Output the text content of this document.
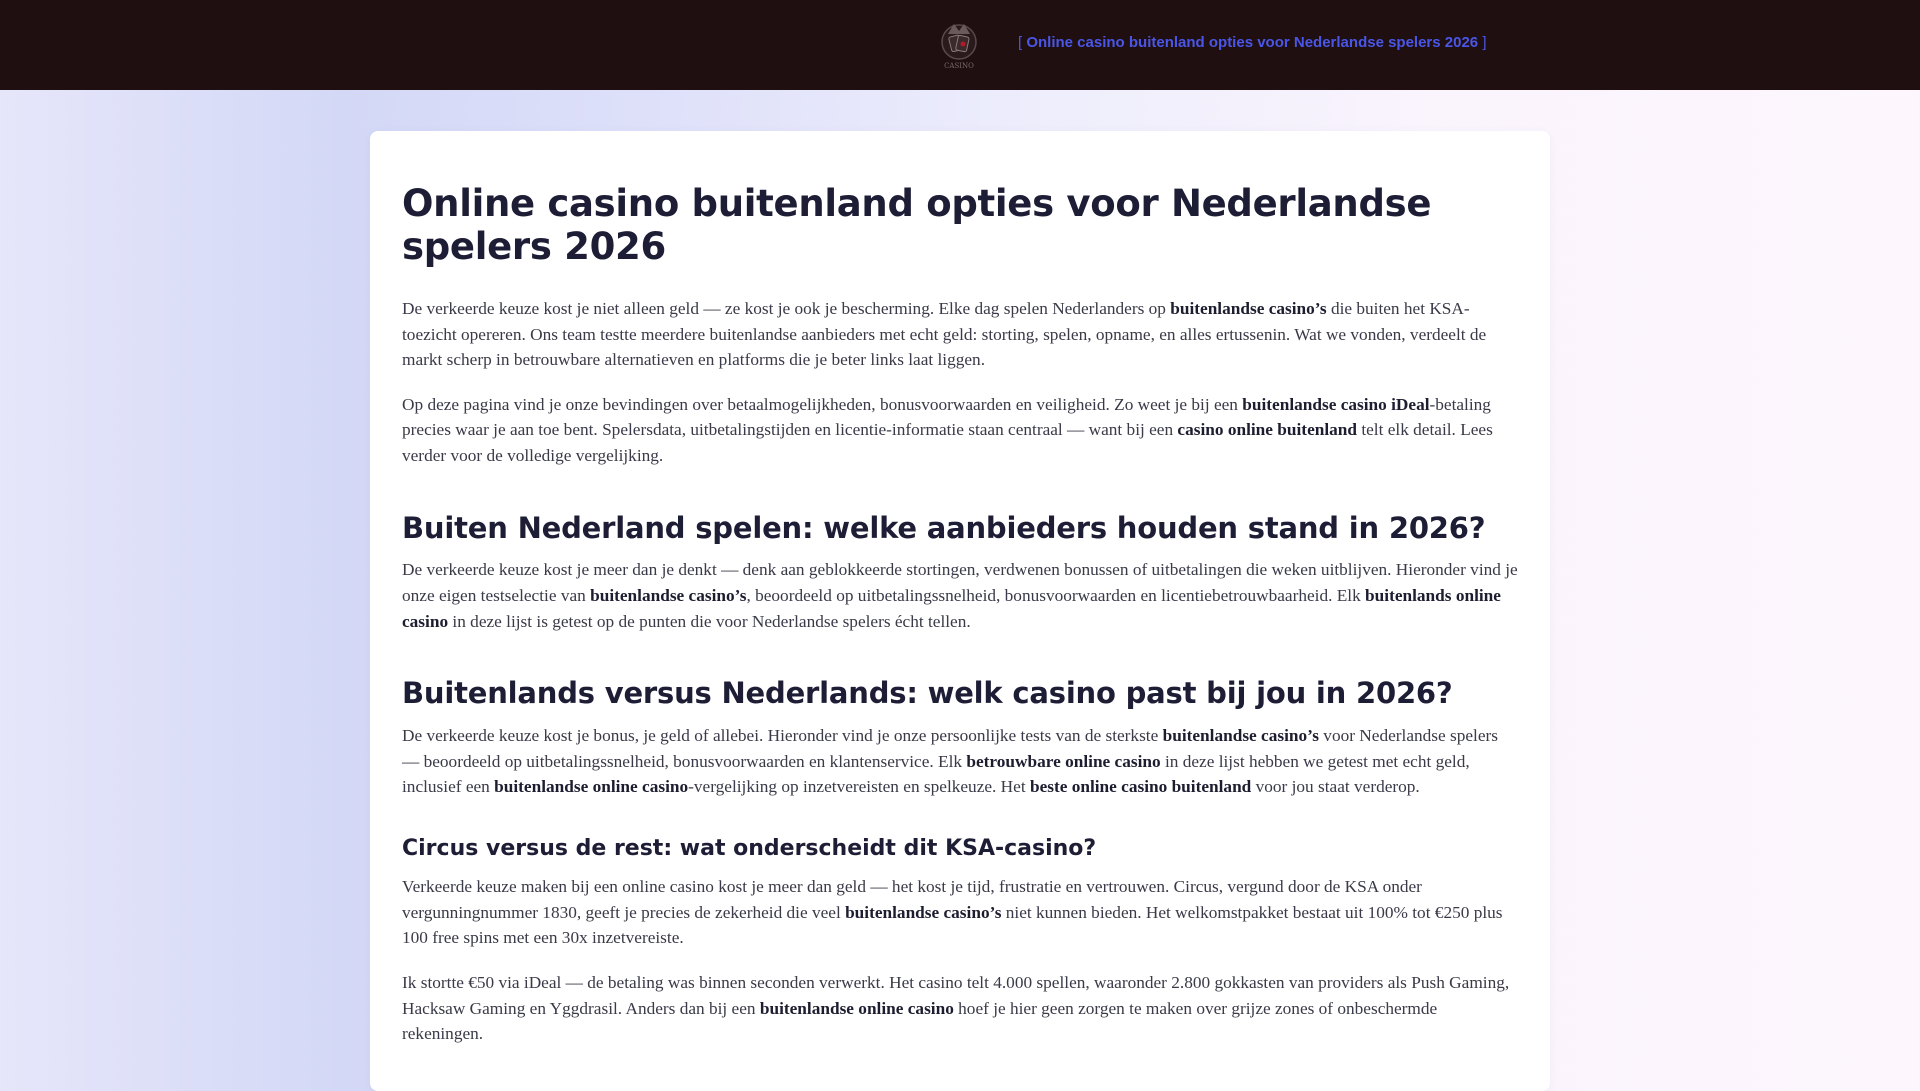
CASINO
[ Online casino buitenland opties voor Nederlandse spelers 2026 ]
Online casino buitenland opties voor Nederlandse spelers 2026

De verkeerde keuze kost je niet alleen geld — ze kost je ook je bescherming. Elke dag spelen Nederlanders op buitenlandse casino’s die buiten het KSA-toezicht opereren. Ons team testte meerdere buitenlandse aanbieders met echt geld: storting, spelen, opname, en alles ertussenin. Wat we vonden, verdeelt de markt scherp in betrouwbare alternatieven en platforms die je beter links laat liggen.

Op deze pagina vind je onze bevindingen over betaalmogelijkheden, bonusvoorwaarden en veiligheid. Zo weet je bij een buitenlandse casino iDeal-betaling precies waar je aan toe bent. Spelersdata, uitbetalingstijden en licentie-informatie staan centraal — want bij een casino online buitenland telt elk detail. Lees verder voor de volledige vergelijking.

Buiten Nederland spelen: welke aanbieders houden stand in 2026?

De verkeerde keuze kost je meer dan je denkt — denk aan geblokkeerde stortingen, verdwenen bonussen of uitbetalingen die weken uitblijven. Hieronder vind je onze eigen testselectie van buitenlandse casino’s, beoordeeld op uitbetalingssnelheid, bonusvoorwaarden en licentiebetrouwbaarheid. Elk buitenlands online casino in deze lijst is getest op de punten die voor Nederlandse spelers écht tellen.

Buitenlands versus Nederlands: welk casino past bij jou in 2026?

De verkeerde keuze kost je bonus, je geld of allebei. Hieronder vind je onze persoonlijke tests van de sterkste buitenlandse casino’s voor Nederlandse spelers — beoordeeld op uitbetalingssnelheid, bonusvoorwaarden en klantenservice. Elk betrouwbare online casino in deze lijst hebben we getest met echt geld, inclusief een buitenlandse online casino-vergelijking op inzetvereisten en spelkeuze. Het beste online casino buitenland voor jou staat verderop.

Circus versus de rest: wat onderscheidt dit KSA-casino?

Verkeerde keuze maken bij een online casino kost je meer dan geld — het kost je tijd, frustratie en vertrouwen. Circus, vergund door de KSA onder vergunningnummer 1830, geeft je precies de zekerheid die veel buitenlandse casino’s niet kunnen bieden. Het welkomstpakket bestaat uit 100% tot €250 plus 100 free spins met een 30x inzetvereiste.

Ik stortte €50 via iDeal — de betaling was binnen seconden verwerkt. Het casino telt 4.000 spellen, waaronder 2.800 gokkasten van providers als Push Gaming, Hacksaw Gaming en Yggdrasil. Anders dan bij een buitenlandse online casino hoef je hier geen zorgen te maken over grijze zones of onbeschermde rekeningen.
